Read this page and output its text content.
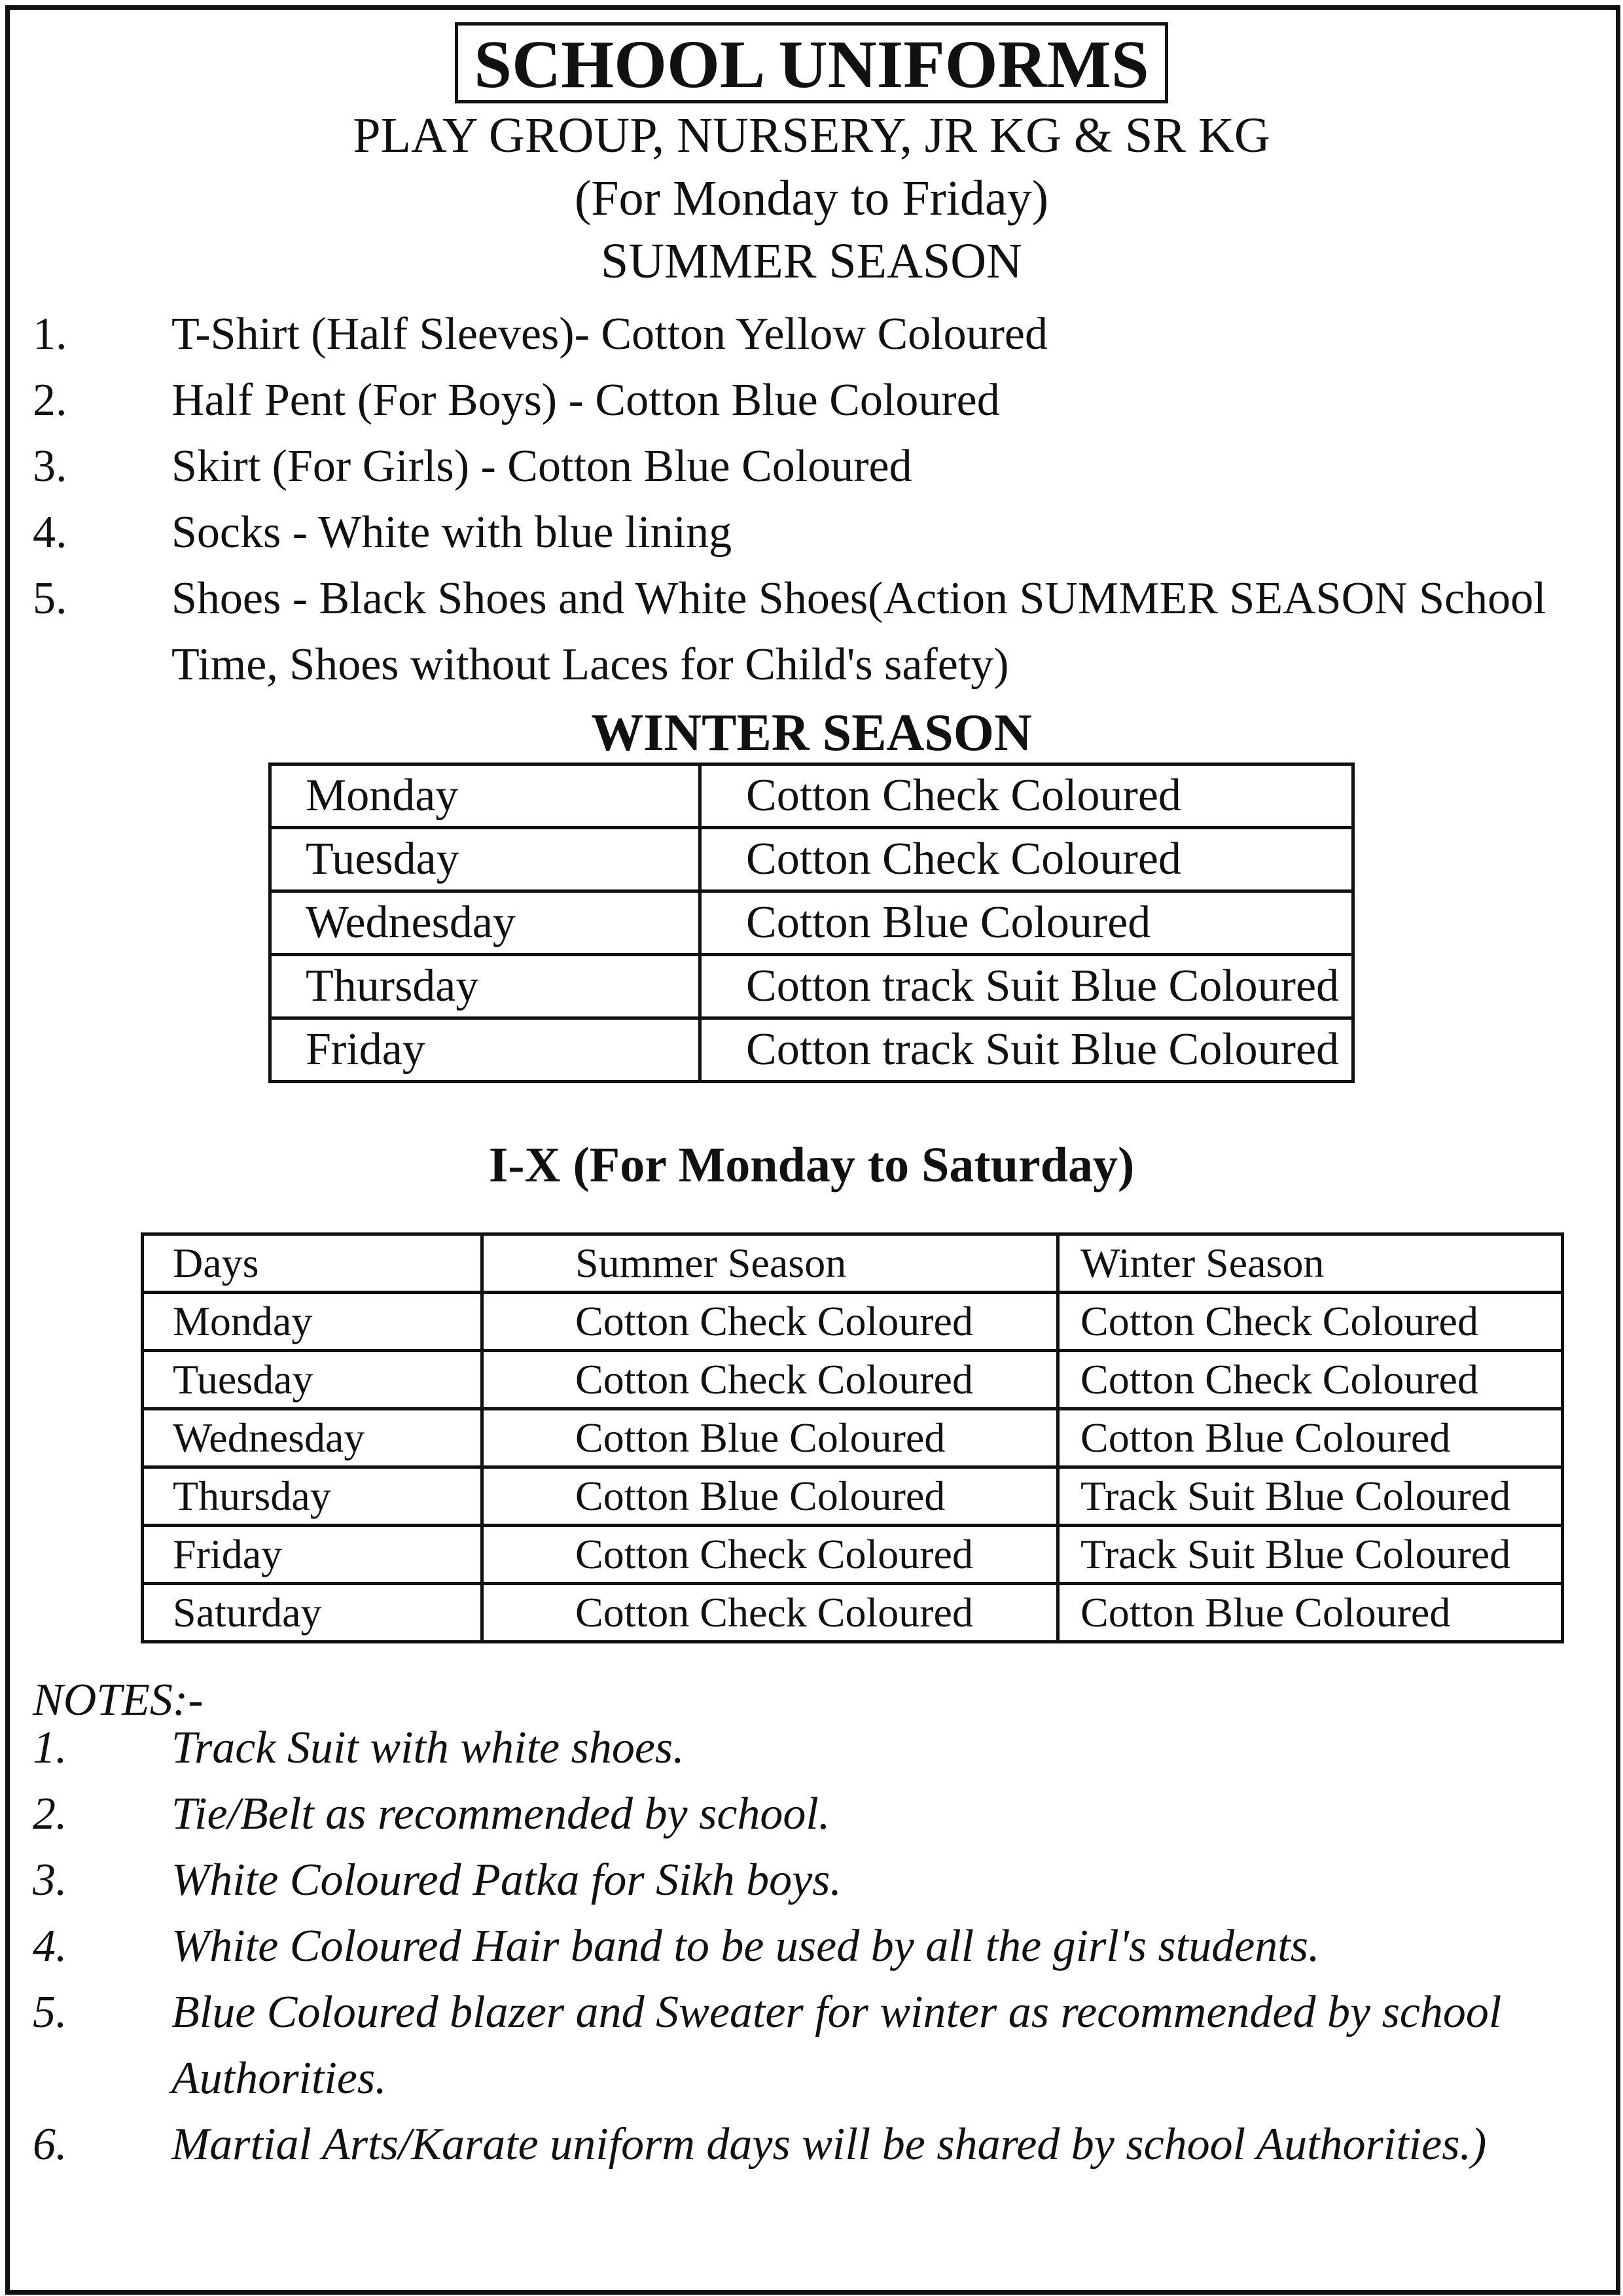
SCHOOL UNIFORMS
PLAY GROUP, NURSERY, JR KG & SR KG
(For Monday to Friday)
SUMMER SEASON
1. T-Shirt (Half Sleeves)- Cotton Yellow Coloured
2. Half Pent (For Boys) - Cotton Blue Coloured
3. Skirt (For Girls) - Cotton Blue Coloured
4. Socks - White with blue lining
5. Shoes - Black Shoes and White Shoes(Action SUMMER SEASON School Time, Shoes without Laces for Child's safety)
WINTER SEASON
Monday	Cotton Check Coloured
Tuesday	Cotton Check Coloured
Wednesday	Cotton Blue Coloured
Thursday	Cotton track Suit Blue Coloured
Friday	Cotton track Suit Blue Coloured
I-X (For Monday to Saturday)
Days	Summer Season	Winter Season
Monday	Cotton Check Coloured	Cotton Check Coloured
Tuesday	Cotton Check Coloured	Cotton Check Coloured
Wednesday	Cotton Blue Coloured	Cotton Blue Coloured
Thursday	Cotton Blue Coloured	Track Suit Blue Coloured
Friday	Cotton Check Coloured	Track Suit Blue Coloured
Saturday	Cotton Check Coloured	Cotton Blue Coloured
NOTES:-
1. Track Suit with white shoes.
2. Tie/Belt as recommended by school.
3. White Coloured Patka for Sikh boys.
4. White Coloured Hair band to be used by all the girl's students.
5. Blue Coloured blazer and Sweater for winter as recommended by school Authorities.
6. Martial Arts/Karate uniform days will be shared by school Authorities.)
